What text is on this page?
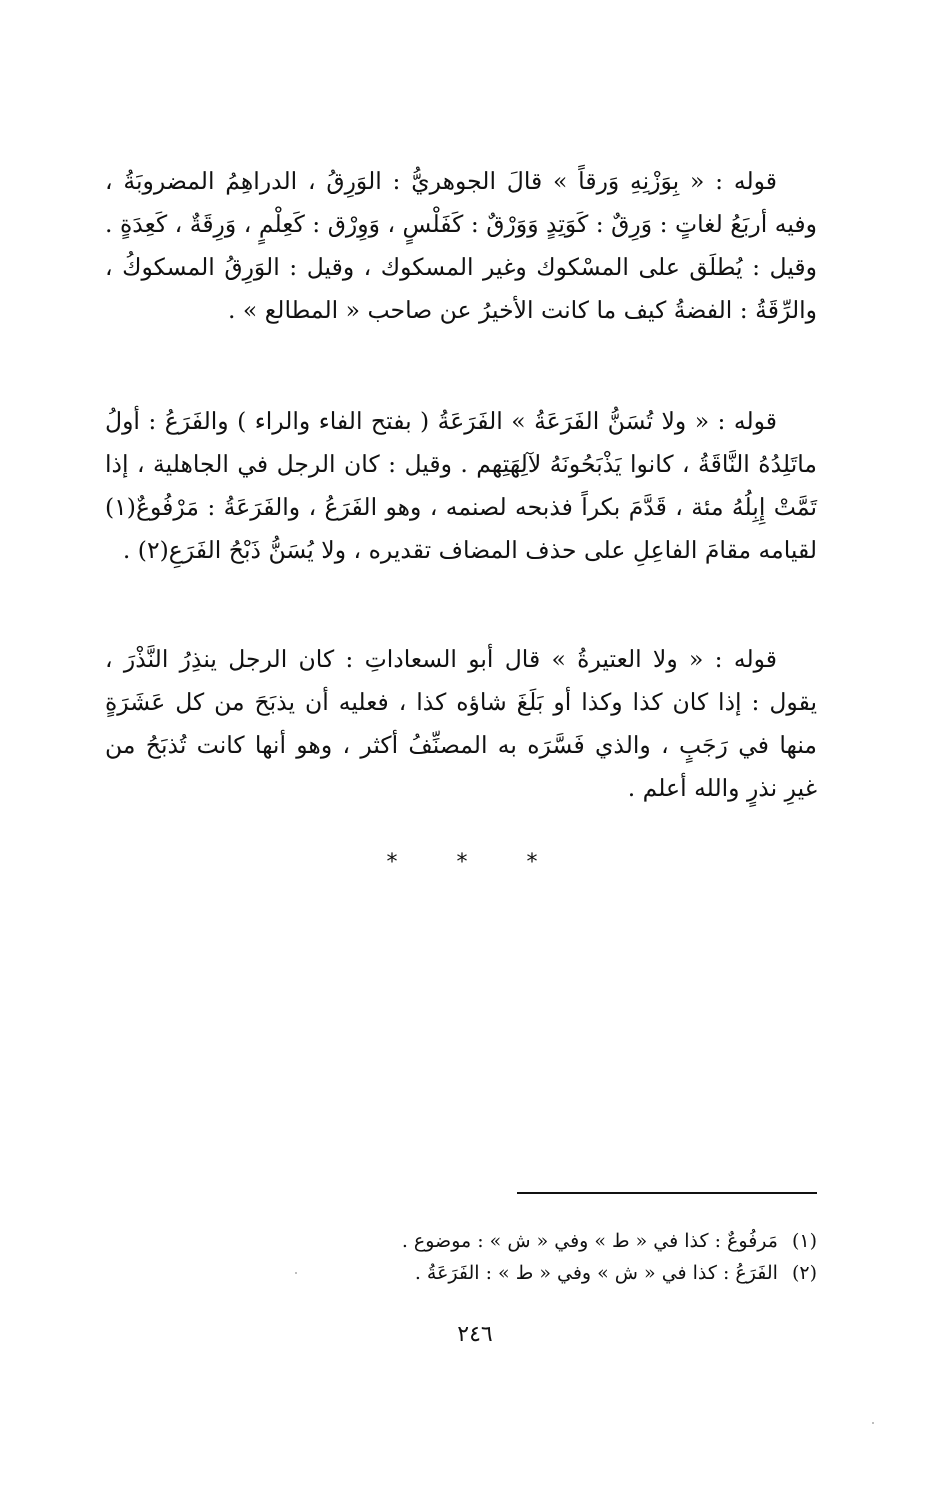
قوله : « بِوَزْنِهِ وَرقاً » قالَ الجوهريُّ : الوَرِقُ ، الدراهِمُ المضروبَةُ ، وفيه أربَعُ لغاتٍ : وَرِقٌ : كَوَتِدٍ وَوَرْقٌ : كَفَلْسٍ ، وَوِرْق : كَعِلْمٍ ، وَرِقَةٌ ، كَعِدَةٍ . وقيل : يُطلَق على المسْكوك وغير المسكوك ، وقيل : الوَرِقُ المسكوكُ ، والرِّقَةُ : الفضةُ كيف ما كانت الأخيرُ عن صاحب « المطالع » .

قوله : « ولا تُسَنُّ الفَرَعَةُ » الفَرَعَةُ ( بفتح الفاء والراء ) والفَرَعُ : أولُ ماتَلِدُهُ النَّاقَةُ ، كانوا يَذْبَحُونَهُ لآلِهَتِهم . وقيل : كان الرجل في الجاهلية ، إذا تَمَّتْ إِبِلُهُ مئة ، قَدَّمَ بكراً فذبحه لصنمه ، وهو الفَرَعُ ، والفَرَعَةُ : مَرْفُوعٌ(١) لقيامه مقامَ الفاعِلِ على حذف المضاف تقديره ، ولا يُسَنُّ ذَبْحُ الفَرَعِ(٢) .

قوله : « ولا العتيرةُ » قال أبو السعاداتِ : كان الرجل ينذِرُ النَّذْرَ ، يقول : إذا كان كذا وكذا أو بَلَغَ شاؤه كذا ، فعليه أن يذبَحَ من كل عَشَرَةٍ منها في رَجَبٍ ، والذي فَسَّرَه به المصنِّفُ أكثر ، وهو أنها كانت تُذبَحُ من غيرِ نذرٍ والله أعلم .

* * *
(١)مَرفُوعٌ : كذا في « ط » وفي « ش » : موضوع .
(٢)الفَرَعُ : كذا في « ش » وفي « ط » : الفَرَعَةُ .
٢٤٦
